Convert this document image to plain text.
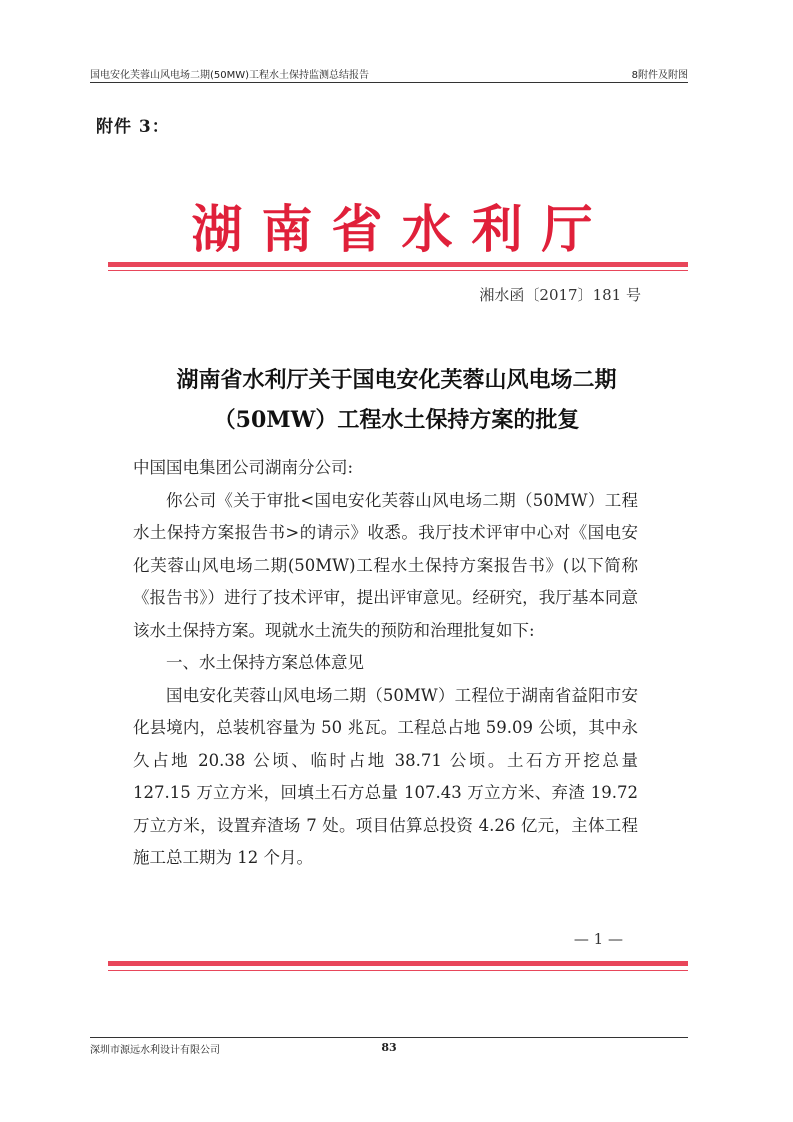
国电安化芙蓉山风电场二期(50MW)工程水土保持监测总结报告	8附件及附图
附件 3：
湖南省水利厅
湘水函〔2017〕181 号
湖南省水利厅关于国电安化芙蓉山风电场二期
（50MW）工程水土保持方案的批复

中国国电集团公司湖南分公司:

你公司《关于审批<国电安化芙蓉山风电场二期（50MW）工程水土保持方案报告书>的请示》收悉。我厅技术评审中心对《国电安化芙蓉山风电场二期(50MW)工程水土保持方案报告书》(以下简称《报告书》）进行了技术评审，提出评审意见。经研究，我厅基本同意该水土保持方案。现就水土流失的预防和治理批复如下:

一、水土保持方案总体意见

国电安化芙蓉山风电场二期（50MW）工程位于湖南省益阳市安化县境内，总装机容量为 50 兆瓦。工程总占地 59.09 公顷，其中永久占地 20.38 公顷、临时占地 38.71 公顷。土石方开挖总量 127.15 万立方米，回填土石方总量 107.43 万立方米、弃渣 19.72 万立方米，设置弃渣场 7 处。项目估算总投资 4.26 亿元，主体工程施工总工期为 12 个月。

— 1 —
深圳市源远水利设计有限公司	83
